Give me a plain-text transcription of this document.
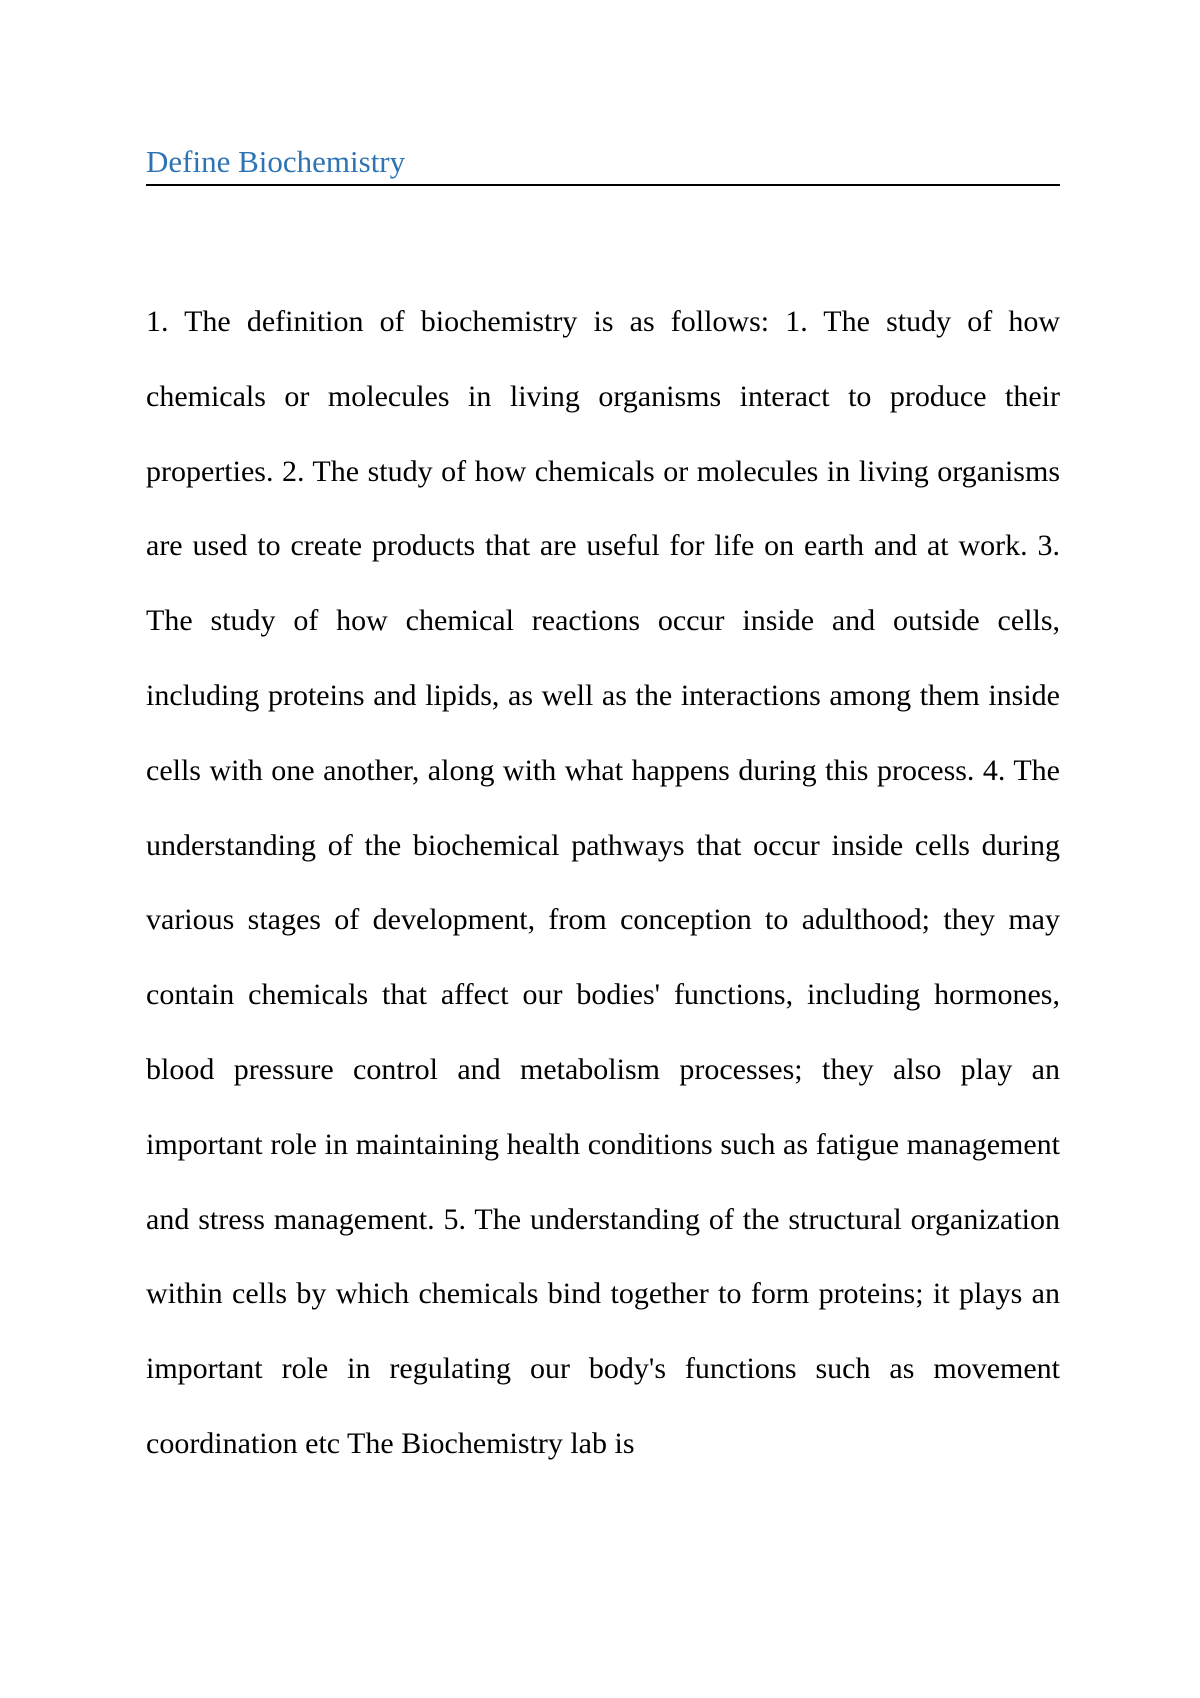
Define Biochemistry

1. The definition of biochemistry is as follows: 1. The study of how chemicals or molecules in living organisms interact to produce their properties. 2. The study of how chemicals or molecules in living organisms are used to create products that are useful for life on earth and at work. 3. The study of how chemical reactions occur inside and outside cells, including proteins and lipids, as well as the interactions among them inside cells with one another, along with what happens during this process. 4. The understanding of the biochemical pathways that occur inside cells during various stages of development, from conception to adulthood; they may contain chemicals that affect our bodies' functions, including hormones, blood pressure control and metabolism processes; they also play an important role in maintaining health conditions such as fatigue management and stress management. 5. The understanding of the structural organization within cells by which chemicals bind together to form proteins; it plays an important role in regulating our body's functions such as movement coordination etc The Biochemistry lab is
